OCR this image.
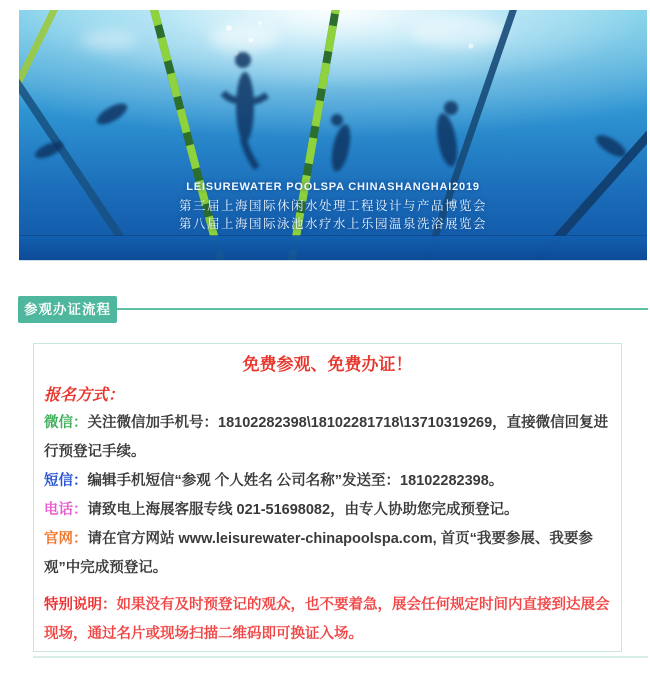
LEISUREWATER POOLSPA CHINASHANGHAI2019
第三届上海国际休闲水处理工程设计与产品博览会
第八届上海国际泳池水疗水上乐园温泉洗浴展览会
参观办证流程
免费参观、免费办证！
报名方式：

微信：关注微信加手机号：18102282398\18102281718\13710319269，直接微信回复进行预登记手续。

短信：编辑手机短信“参观 个人姓名 公司名称”发送至：18102282398。

电话：请致电上海展客服专线 021-51698082，由专人协助您完成预登记。

官网：请在官方网站 www.leisurewater-chinapoolspa.com, 首页“我要参展、我要参观”中完成预登记。

特别说明：如果没有及时预登记的观众，也不要着急，展会任何规定时间内直接到达展会现场，通过名片或现场扫描二维码即可换证入场。
